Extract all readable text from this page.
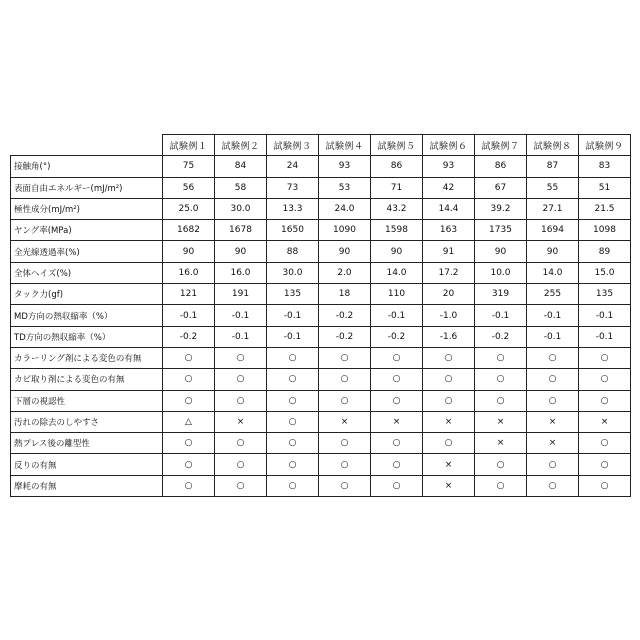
	試験例１	試験例２	試験例３	試験例４	試験例５	試験例６	試験例７	試験例８	試験例９
接触角(°)	75	84	24	93	86	93	86	87	83
表面自由エネルギー(mJ/m²)	56	58	73	53	71	42	67	55	51
極性成分(mJ/m²)	25.0	30.0	13.3	24.0	43.2	14.4	39.2	27.1	21.5
ヤング率(MPa)	1682	1678	1650	1090	1598	163	1735	1694	1098
全光線透過率(%)	90	90	88	90	90	91	90	90	89
全体ヘイズ(%)	16.0	16.0	30.0	2.0	14.0	17.2	10.0	14.0	15.0
タック力(gf)	121	191	135	18	110	20	319	255	135
MD方向の熱収縮率（%）	-0.1	-0.1	-0.1	-0.2	-0.1	-1.0	-0.1	-0.1	-0.1
TD方向の熱収縮率（%）	-0.2	-0.1	-0.1	-0.2	-0.2	-1.6	-0.2	-0.1	-0.1
カラーリング剤による変色の有無	○	○	○	○	○	○	○	○	○
カビ取り剤による変色の有無	○	○	○	○	○	○	○	○	○
下層の視認性	○	○	○	○	○	○	○	○	○
汚れの除去のしやすさ	△	×	○	×	×	×	×	×	×
熱プレス後の離型性	○	○	○	○	○	○	×	×	○
反りの有無	○	○	○	○	○	×	○	○	○
摩耗の有無	○	○	○	○	○	×	○	○	○
